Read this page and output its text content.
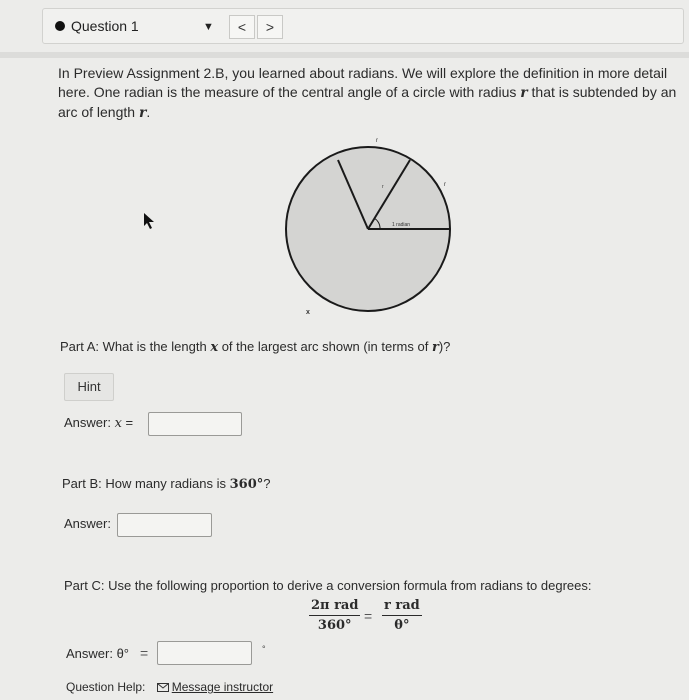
Question 1	▼	<	>
In Preview Assignment 2.B, you learned about radians. We will explore the definition in more detail here. One radian is the measure of the central angle of a circle with radius r that is subtended by an arc of length r.
1 radian
r
r	r
x
Part A: What is the length x of the largest arc shown (in terms of r)?
Hint
Answer: x =
Part B: How many radians is 360°?
Answer:
Part C: Use the following proportion to derive a conversion formula from radians to degrees:
2π rad
360°
=
r rad
θ°
Answer: θ° =	°
Question Help: Message instructor
